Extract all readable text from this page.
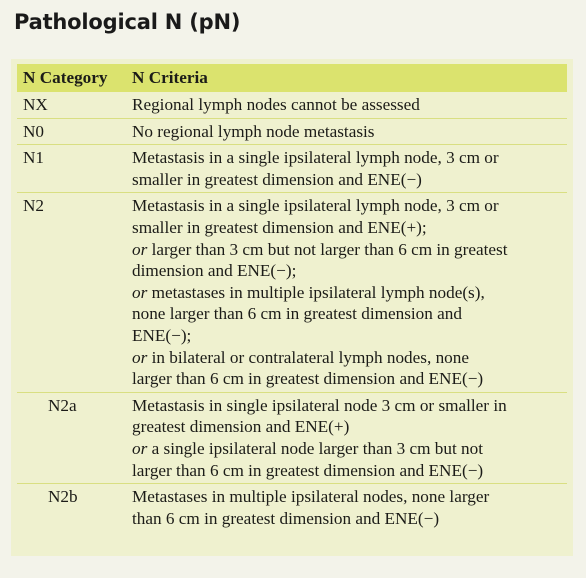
Pathological N (pN)
N Category	N Criteria
NX	Regional lymph nodes cannot be assessed
N0	No regional lymph node metastasis
N1	Metastasis in a single ipsilateral lymph node, 3 cm or
smaller in greatest dimension and ENE(−)
N2	Metastasis in a single ipsilateral lymph node, 3 cm or
smaller in greatest dimension and ENE(+);
or larger than 3 cm but not larger than 6 cm in greatest
dimension and ENE(−);
or metastases in multiple ipsilateral lymph node(s),
none larger than 6 cm in greatest dimension and
ENE(−);
or in bilateral or contralateral lymph nodes, none
larger than 6 cm in greatest dimension and ENE(−)
N2a	Metastasis in single ipsilateral node 3 cm or smaller in
greatest dimension and ENE(+)
or a single ipsilateral node larger than 3 cm but not
larger than 6 cm in greatest dimension and ENE(−)
N2b	Metastases in multiple ipsilateral nodes, none larger
than 6 cm in greatest dimension and ENE(−)
